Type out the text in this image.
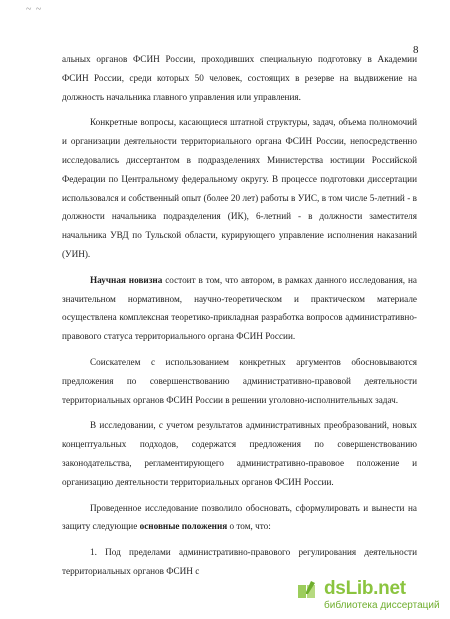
~ ~
8

альных органов ФСИН России, проходивших специальную подготовку в Академии ФСИН России, среди которых 50 человек, состоящих в резерве на выдвижение на должность начальника главного управления или управления.

Конкретные вопросы, касающиеся штатной структуры, задач, объема полномочий и организации деятельности территориального органа ФСИН России, непосредственно исследовались диссертантом в подразделениях Министерства юстиции Российской Федерации по Центральному федеральному округу. В процессе подготовки диссертации использовался и собственный опыт (более 20 лет) работы в УИС, в том числе 5-летний - в должности начальника подразделения (ИК), 6-летний - в должности заместителя начальника УВД по Тульской области, курирующего управление исполнения наказаний (УИН).

Научная новизна состоит в том, что автором, в рамках данного исследования, на значительном нормативном, научно-теоретическом и практическом материале осуществлена комплексная теоретико-прикладная разработка вопросов административно-правового статуса территориального органа ФСИН России.

Соискателем с использованием конкретных аргументов обосновываются предложения по совершенствованию административно-правовой деятельности территориальных органов ФСИН России в решении уголовно-исполнительных задач.

В исследовании, с учетом результатов административных преобразований, новых концептуальных подходов, содержатся предложения по совершенствованию законодательства, регламентирующего административно-правовое положение и организацию деятельности территориальных органов ФСИН России.

Проведенное исследование позволило обосновать, сформулировать и вынести на защиту следующие основные положения о том, что:

1. Под пределами административно-правового регулирования деятельности территориальных органов ФСИН с

dsLib.net
библиотека диссертаций
